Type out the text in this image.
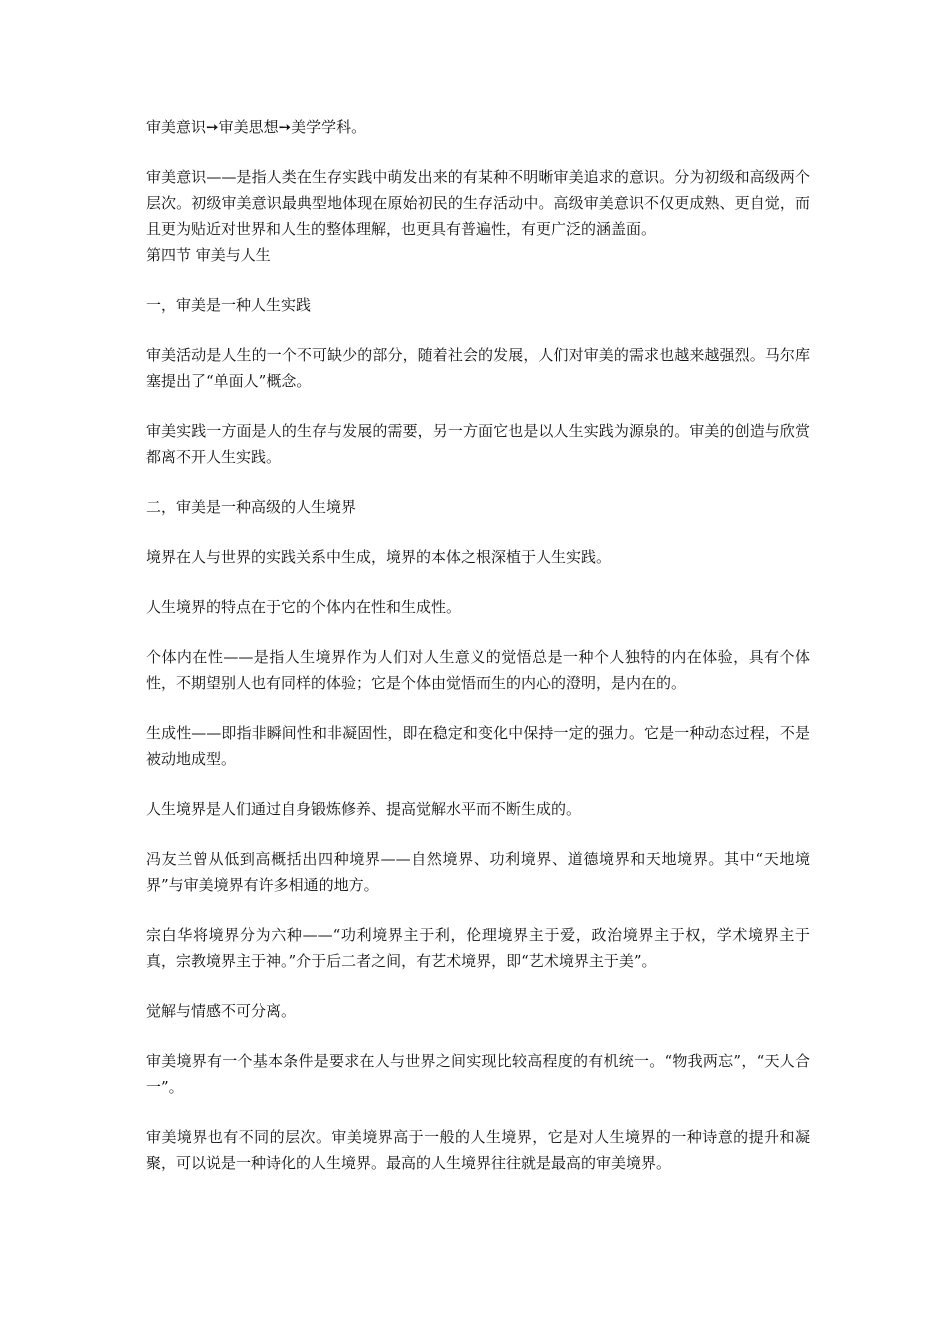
审美意识➙审美思想➙美学学科。

审美意识——是指人类在生存实践中萌发出来的有某种不明晰审美追求的意识。分为初级和高级两个层次。初级审美意识最典型地体现在原始初民的生存活动中。高级审美意识不仅更成熟、更自觉，而且更为贴近对世界和人生的整体理解，也更具有普遍性，有更广泛的涵盖面。

第四节 审美与人生

一，审美是一种人生实践

审美活动是人生的一个不可缺少的部分，随着社会的发展，人们对审美的需求也越来越强烈。马尔库塞提出了“单面人”概念。

审美实践一方面是人的生存与发展的需要，另一方面它也是以人生实践为源泉的。审美的创造与欣赏都离不开人生实践。

二，审美是一种高级的人生境界

境界在人与世界的实践关系中生成，境界的本体之根深植于人生实践。

人生境界的特点在于它的个体内在性和生成性。

个体内在性——是指人生境界作为人们对人生意义的觉悟总是一种个人独特的内在体验，具有个体性，不期望别人也有同样的体验；它是个体由觉悟而生的内心的澄明，是内在的。

生成性——即指非瞬间性和非凝固性，即在稳定和变化中保持一定的强力。它是一种动态过程，不是被动地成型。

人生境界是人们通过自身锻炼修养、提高觉解水平而不断生成的。

冯友兰曾从低到高概括出四种境界——自然境界、功利境界、道德境界和天地境界。其中“天地境界”与审美境界有许多相通的地方。

宗白华将境界分为六种——“功利境界主于利，伦理境界主于爱，政治境界主于权，学术境界主于真，宗教境界主于神。”介于后二者之间，有艺术境界，即“艺术境界主于美”。

觉解与情感不可分离。

审美境界有一个基本条件是要求在人与世界之间实现比较高程度的有机统一。“物我两忘”，“天人合一”。

审美境界也有不同的层次。审美境界高于一般的人生境界，它是对人生境界的一种诗意的提升和凝聚，可以说是一种诗化的人生境界。最高的人生境界往往就是最高的审美境界。
